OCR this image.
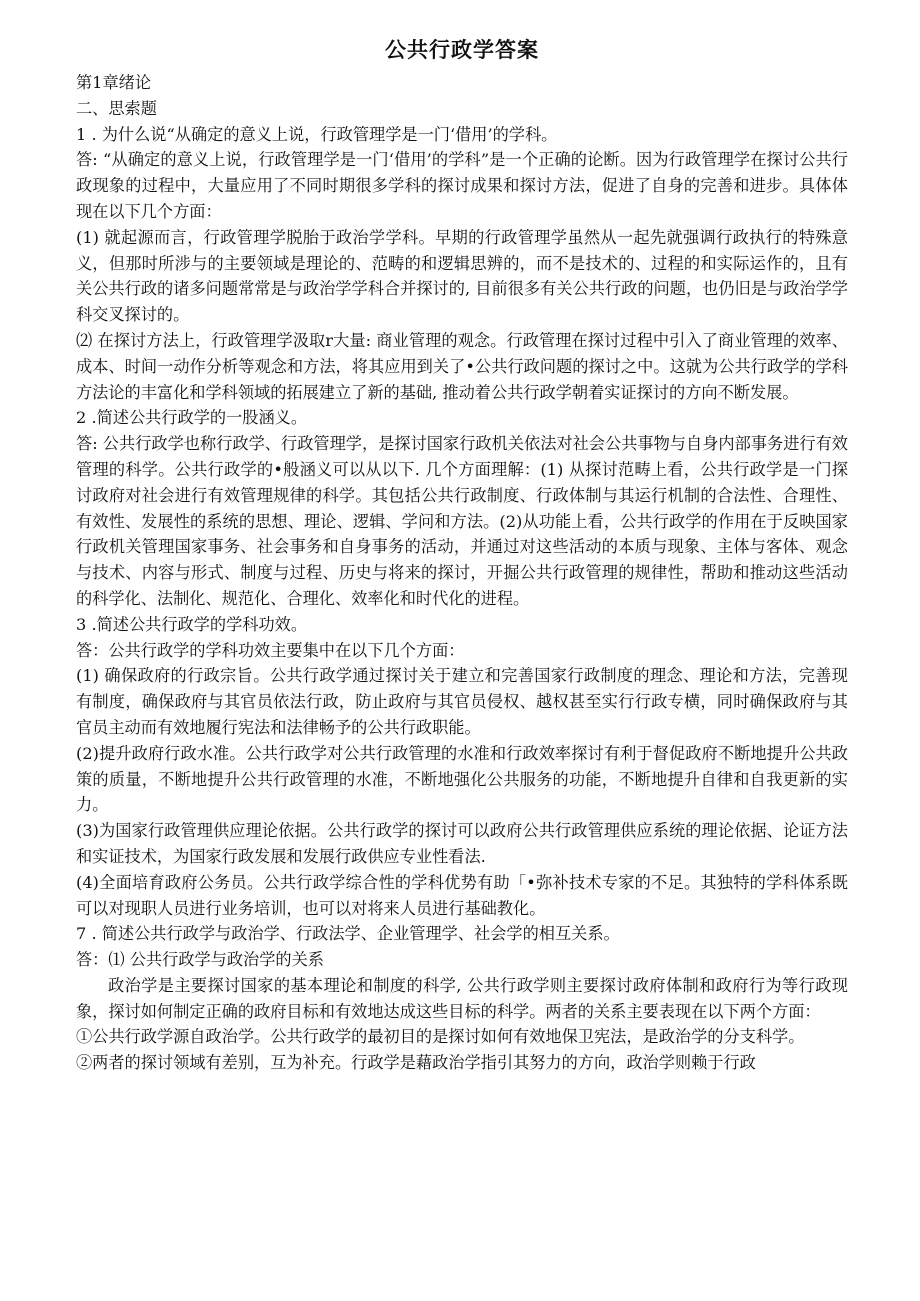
公共行政学答案

第1章绪论

二、思索题

1 . 为什么说“从确定的意义上说，行政管理学是一门‘借用’的学科。

答: “从确定的意义上说，行政管理学是一门‘借用’的学科”是一个正确的论断。因为行政管理学在探讨公共行政现象的过程中，大量应用了不同时期很多学科的探讨成果和探讨方法，促进了自身的完善和进步。具体体现在以下几个方面：

(1) 就起源而言，行政管理学脱胎于政治学学科。早期的行政管理学虽然从一起先就强调行政执行的特殊意义，但那时所涉与的主要领域是理论的、范畴的和逻辑思辨的，而不是技术的、过程的和实际运作的，且有关公共行政的诸多问题常常是与政治学学科合并探讨的, 目前很多有关公共行政的问题，也仍旧是与政治学学科交叉探讨的。

⑵ 在探讨方法上，行政管理学汲取r大量: 商业管理的观念。行政管理在探讨过程中引入了商业管理的效率、成本、时间一动作分析等观念和方法，将其应用到关了•公共行政问题的探讨之中。这就为公共行政学的学科方法论的丰富化和学科领域的拓展建立了新的基础, 推动着公共行政学朝着实证探讨的方向不断发展。

2 .简述公共行政学的一股涵义。

答: 公共行政学也称行政学、行政管理学，是探讨国家行政机关依法对社会公共事物与自身内部事务进行有效管理的科学。公共行政学的•般涵义可以从以下. 几个方面理解：(1) 从探讨范畴上看，公共行政学是一门探讨政府对社会进行有效管理规律的科学。其包括公共行政制度、行政体制与其运行机制的合法性、合理性、有效性、发展性的系统的思想、理论、逻辑、学问和方法。(2)从功能上看，公共行政学的作用在于反映国家行政机关管理国家事务、社会事务和自身事务的活动，并通过对这些活动的本质与现象、主体与客体、观念与技术、内容与形式、制度与过程、历史与将来的探讨，开掘公共行政管理的规律性，帮助和推动这些活动的科学化、法制化、规范化、合理化、效率化和时代化的进程。

3 .简述公共行政学的学科功效。

答：公共行政学的学科功效主要集中在以下几个方面：

(1) 确保政府的行政宗旨。公共行政学通过探讨关于建立和完善国家行政制度的理念、理论和方法，完善现有制度，确保政府与其官员依法行政，防止政府与其官员侵权、越权甚至实行行政专横，同时确保政府与其官员主动而有效地履行宪法和法律畅予的公共行政职能。

(2)提升政府行政水准。公共行政学对公共行政管理的水准和行政效率探讨有利于督促政府不断地提升公共政策的质量，不断地提升公共行政管理的水准，不断地强化公共服务的功能，不断地提升自律和自我更新的实力。

(3)为国家行政管理供应理论依据。公共行政学的探讨可以政府公共行政管理供应系统的理论依据、论证方法和实证技术，为国家行政发展和发展行政供应专业性看法.

(4)全面培育政府公务员。公共行政学综合性的学科优势有助「•弥补技术专家的不足。其独特的学科体系既可以对现职人员进行业务培训，也可以对将来人员进行基础教化。

7 . 简述公共行政学与政治学、行政法学、企业管理学、社会学的相互关系。

答：⑴ 公共行政学与政治学的关系

政治学是主要探讨国家的基本理论和制度的科学, 公共行政学则主要探讨政府体制和政府行为等行政现象，探讨如何制定正确的政府目标和有效地达成这些目标的科学。两者的关系主要表现在以下两个方面：

①公共行政学源自政治学。公共行政学的最初目的是探讨如何有效地保卫宪法，是政治学的分支科学。

②两者的探讨领域有差别，互为补充。行政学是藉政治学指引其努力的方向，政治学则赖于行政
